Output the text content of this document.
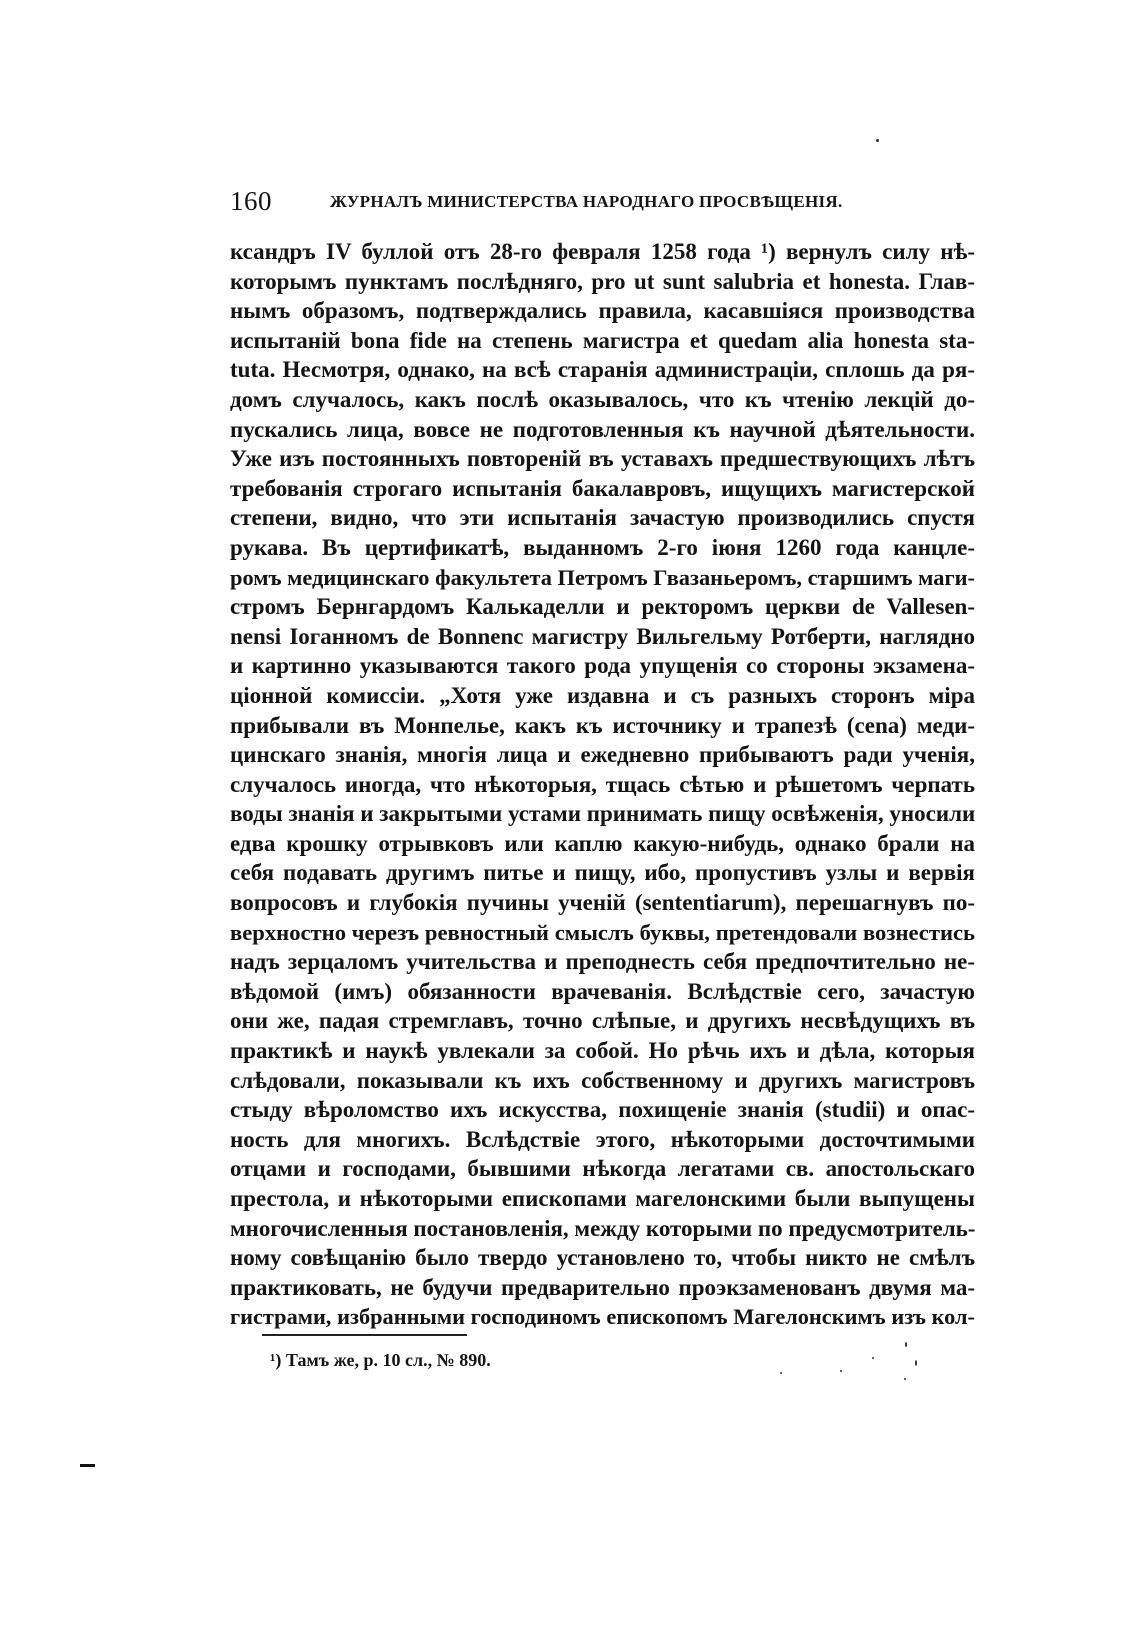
160	ЖУРНАЛЪ МИНИСТЕРСТВА НАРОДНАГО ПРОСВѢЩЕНІЯ.
ксандръ IV буллой отъ 28-го февраля 1258 года ¹) вернулъ силу нѣ-
которымъ пунктамъ послѣдняго, pro ut sunt salubria et honesta. Глав-
нымъ образомъ, подтверждались правила, касавшіяся производства
испытаній bona fide на степень магистра et quedam alia honesta sta-
tuta. Несмотря, однако, на всѣ старанія администраціи, сплошь да ря-
домъ случалось, какъ послѣ оказывалось, что къ чтенію лекцій до-
пускались лица, вовсе не подготовленныя къ научной дѣятельности.
Уже изъ постоянныхъ повтореній въ уставахъ предшествующихъ лѣтъ
требованія строгаго испытанія бакалавровъ, ищущихъ магистерской
степени, видно, что эти испытанія зачастую производились спустя
рукава. Въ цертификатѣ, выданномъ 2-го іюня 1260 года канцле-
ромъ медицинскаго факультета Петромъ Гвазаньеромъ, старшимъ маги-
стромъ Бернгардомъ Калькаделли и ректоромъ церкви de Vallesen-
nensi Іоганномъ de Bonnenc магистру Вильгельму Ротберти, наглядно
и картинно указываются такого рода упущенія со стороны экзамена-
ціонной комиссіи. „Хотя уже издавна и съ разныхъ сторонъ міра
прибывали въ Монпелье, какъ къ источнику и трапезѣ (cena) меди-
цинскаго знанія, многія лица и ежедневно прибываютъ ради ученія,
случалось иногда, что нѣкоторыя, тщась сѣтью и рѣшетомъ черпать
воды знанія и закрытыми устами принимать пищу освѣженія, уносили
едва крошку отрывковъ или каплю какую-нибудь, однако брали на
себя подавать другимъ питье и пищу, ибо, пропустивъ узлы и вервія
вопросовъ и глубокія пучины ученій (sententiarum), перешагнувъ по-
верхностно черезъ ревностный смыслъ буквы, претендовали вознестись
надъ зерцаломъ учительства и преподнесть себя предпочтительно не-
вѣдомой (имъ) обязанности врачеванія. Вслѣдствіе сего, зачастую
они же, падая стремглавъ, точно слѣпые, и другихъ несвѣдущихъ въ
практикѣ и наукѣ увлекали за собой. Но рѣчь ихъ и дѣла, которыя
слѣдовали, показывали къ ихъ собственному и другихъ магистровъ
стыду вѣроломство ихъ искусства, похищеніе знанія (studii) и опас-
ность для многихъ. Вслѣдствіе этого, нѣкоторыми досточтимыми
отцами и господами, бывшими нѣкогда легатами св. апостольскаго
престола, и нѣкоторыми епископами магелонскими были выпущены
многочисленныя постановленія, между которыми по предусмотритель-
ному совѣщанію было твердо установлено то, чтобы никто не смѣлъ
практиковать, не будучи предварительно проэкзаменованъ двумя ма-
гистрами, избранными господиномъ епископомъ Магелонскимъ изъ кол-
¹) Тамъ же, p. 10 сл., № 890.
